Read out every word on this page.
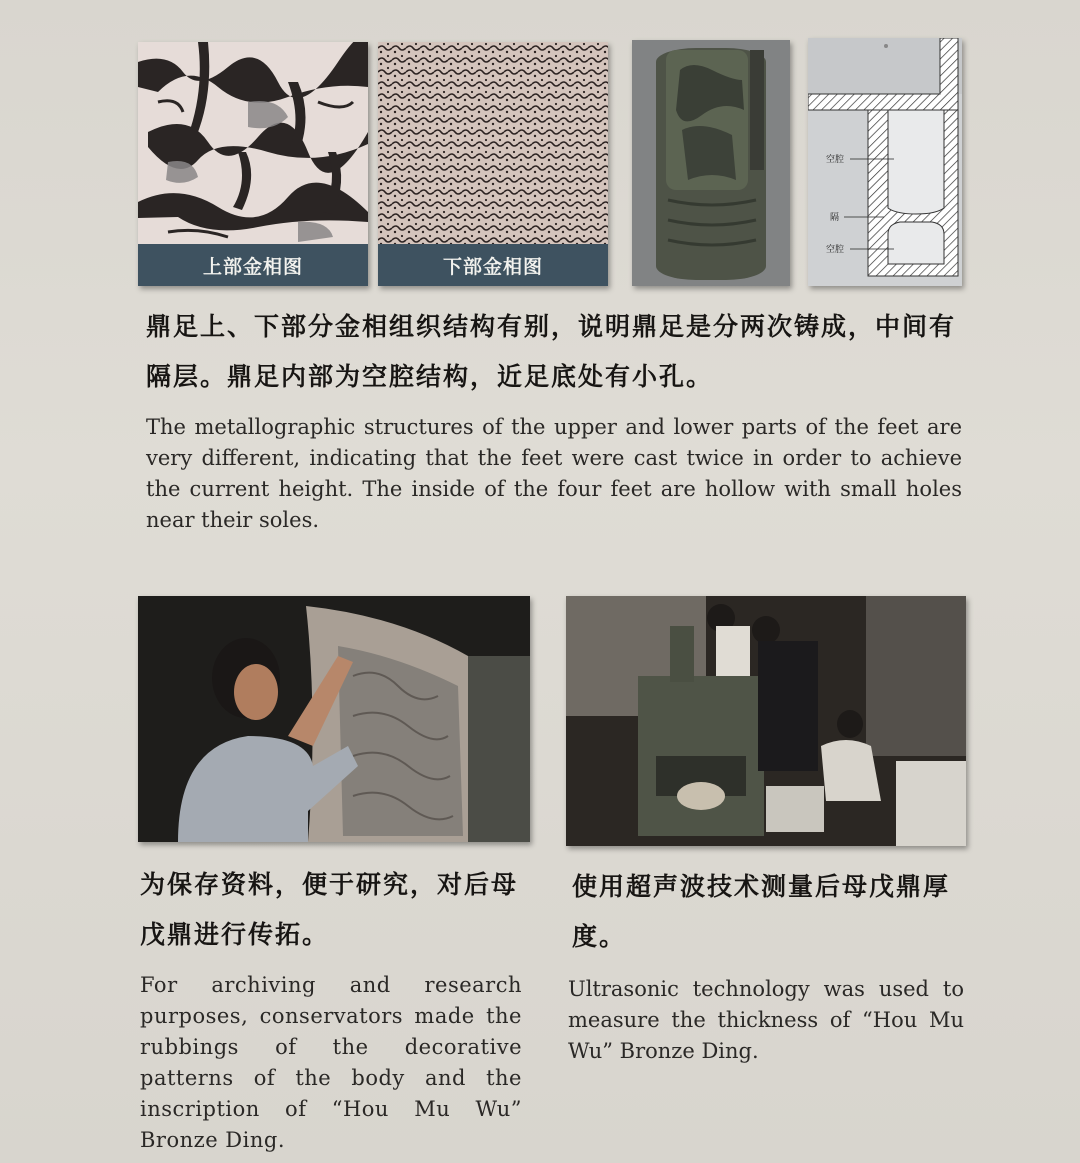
上部金相图	下部金相图
空腔
隔
空腔
鼎足上、下部分金相组织结构有别，说明鼎足是分两次铸成，中间有隔层。鼎足内部为空腔结构，近足底处有小孔。
The metallographic structures of the upper and lower parts of the feet are very different, indicating that the feet were cast twice in order to achieve the current height. The inside of the four feet are hollow with small holes near their soles.
为保存资料，便于研究，对后母戊鼎进行传拓。
For archiving and research purposes, conservators made the rubbings of the decorative patterns of the body and the inscription of “Hou Mu Wu” Bronze Ding.
使用超声波技术测量后母戊鼎厚度。
Ultrasonic technology was used to measure the thickness of “Hou Mu Wu” Bronze Ding.
